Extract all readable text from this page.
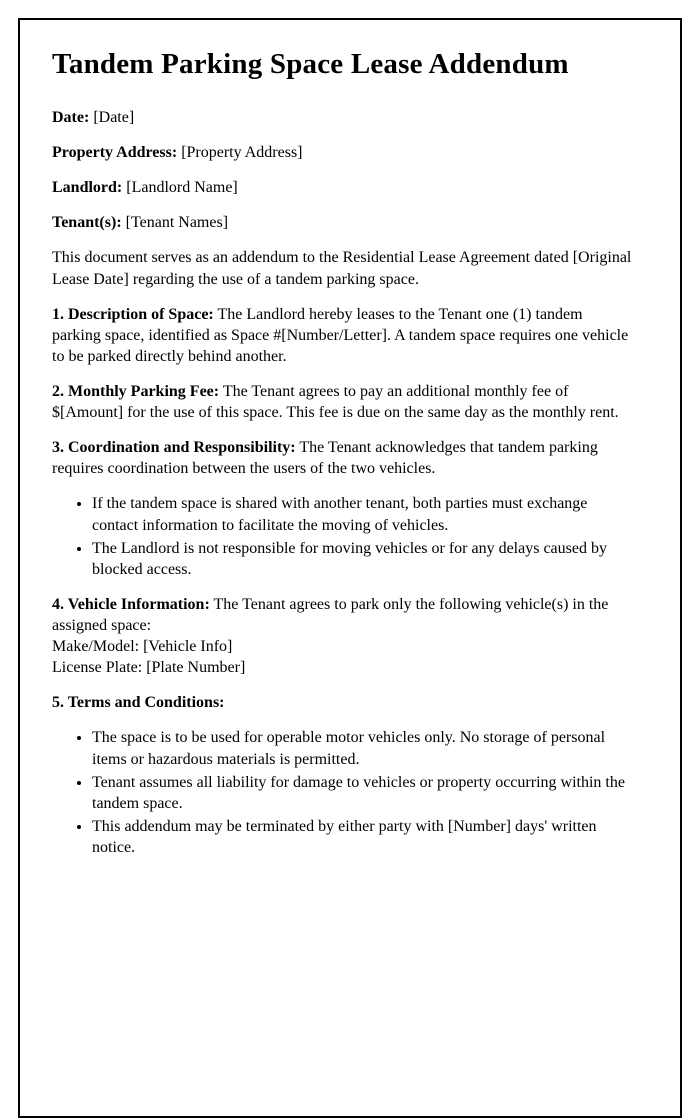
Tandem Parking Space Lease Addendum

Date: [Date]

Property Address: [Property Address]

Landlord: [Landlord Name]

Tenant(s): [Tenant Names]

This document serves as an addendum to the Residential Lease Agreement dated [Original Lease Date] regarding the use of a tandem parking space.

1. Description of Space: The Landlord hereby leases to the Tenant one (1) tandem parking space, identified as Space #[Number/Letter]. A tandem space requires one vehicle to be parked directly behind another.

2. Monthly Parking Fee: The Tenant agrees to pay an additional monthly fee of $[Amount] for the use of this space. This fee is due on the same day as the monthly rent.

3. Coordination and Responsibility: The Tenant acknowledges that tandem parking requires coordination between the users of the two vehicles.

• If the tandem space is shared with another tenant, both parties must exchange contact information to facilitate the moving of vehicles.
• The Landlord is not responsible for moving vehicles or for any delays caused by blocked access.

4. Vehicle Information: The Tenant agrees to park only the following vehicle(s) in the assigned space:

Make/Model: [Vehicle Info]
License Plate: [Plate Number]

5. Terms and Conditions:

• The space is to be used for operable motor vehicles only. No storage of personal items or hazardous materials is permitted.
• Tenant assumes all liability for damage to vehicles or property occurring within the tandem space.
• This addendum may be terminated by either party with [Number] days' written notice.
